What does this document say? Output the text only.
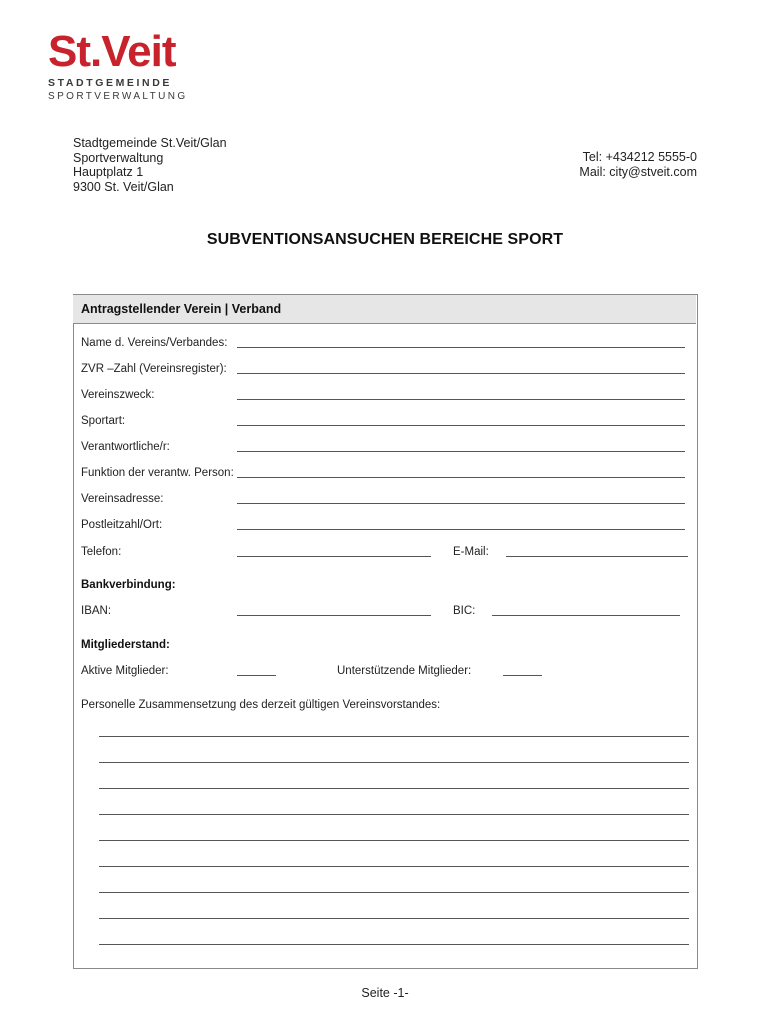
St.Veit
STADTGEMEINDE
SPORTVERWALTUNG
Stadtgemeinde St.Veit/Glan
Sportverwaltung
Hauptplatz 1
9300 St. Veit/Glan
Tel: +434212 5555-0
Mail: city@stveit.com
SUBVENTIONSANSUCHEN BEREICHE SPORT
Antragstellender Verein | Verband
Name d. Vereins/Verbandes:
ZVR –Zahl (Vereinsregister):
Vereinszweck:
Sportart:
Verantwortliche/r:
Funktion der verantw. Person:
Vereinsadresse:
Postleitzahl/Ort:
Telefon:	E-Mail:
Bankverbindung:
IBAN:	BIC:
Mitgliederstand:
Aktive Mitglieder:	Unterstützende Mitglieder:
Personelle Zusammensetzung des derzeit gültigen Vereinsvorstandes:
Seite -1-
